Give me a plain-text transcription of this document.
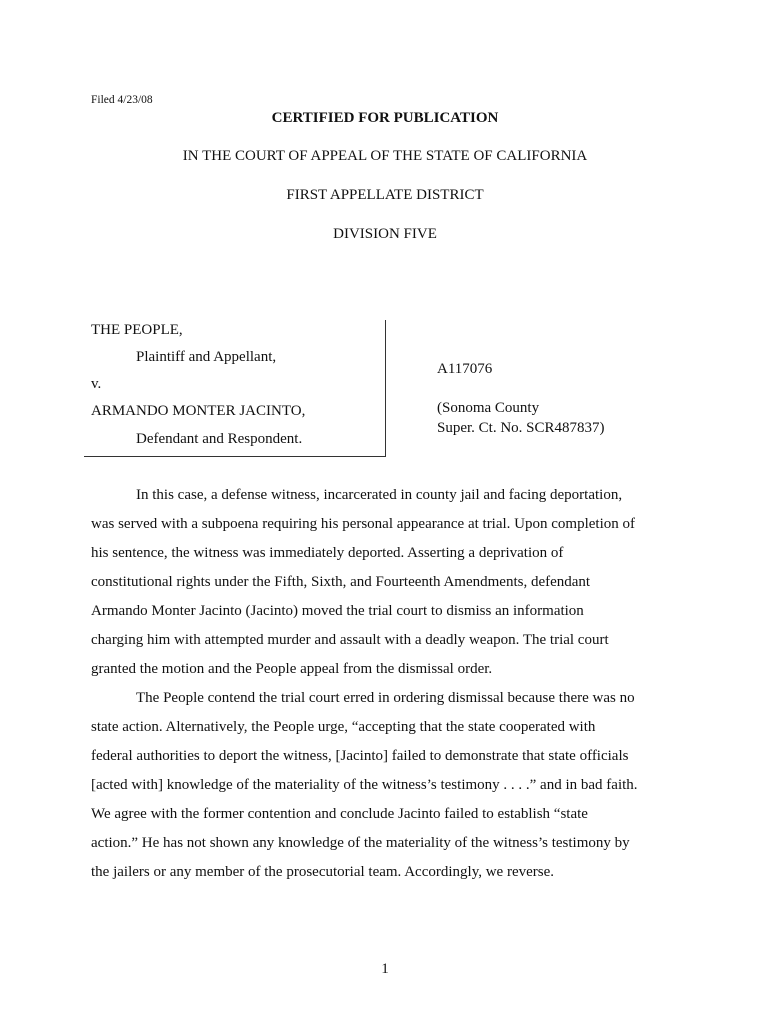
Filed 4/23/08
CERTIFIED FOR PUBLICATION
IN THE COURT OF APPEAL OF THE STATE OF CALIFORNIA
FIRST APPELLATE DISTRICT
DIVISION FIVE
THE PEOPLE,
Plaintiff and Appellant,
v.
ARMANDO MONTER JACINTO,
Defendant and Respondent.
A117076
(Sonoma County
Super. Ct. No. SCR487837)
In this case, a defense witness, incarcerated in county jail and facing deportation,
was served with a subpoena requiring his personal appearance at trial. Upon completion of
his sentence, the witness was immediately deported. Asserting a deprivation of
constitutional rights under the Fifth, Sixth, and Fourteenth Amendments, defendant
Armando Monter Jacinto (Jacinto) moved the trial court to dismiss an information
charging him with attempted murder and assault with a deadly weapon. The trial court
granted the motion and the People appeal from the dismissal order.
The People contend the trial court erred in ordering dismissal because there was no
state action. Alternatively, the People urge, “accepting that the state cooperated with
federal authorities to deport the witness, [Jacinto] failed to demonstrate that state officials
[acted with] knowledge of the materiality of the witness’s testimony . . . .” and in bad faith.
We agree with the former contention and conclude Jacinto failed to establish “state
action.” He has not shown any knowledge of the materiality of the witness’s testimony by
the jailers or any member of the prosecutorial team. Accordingly, we reverse.
1
